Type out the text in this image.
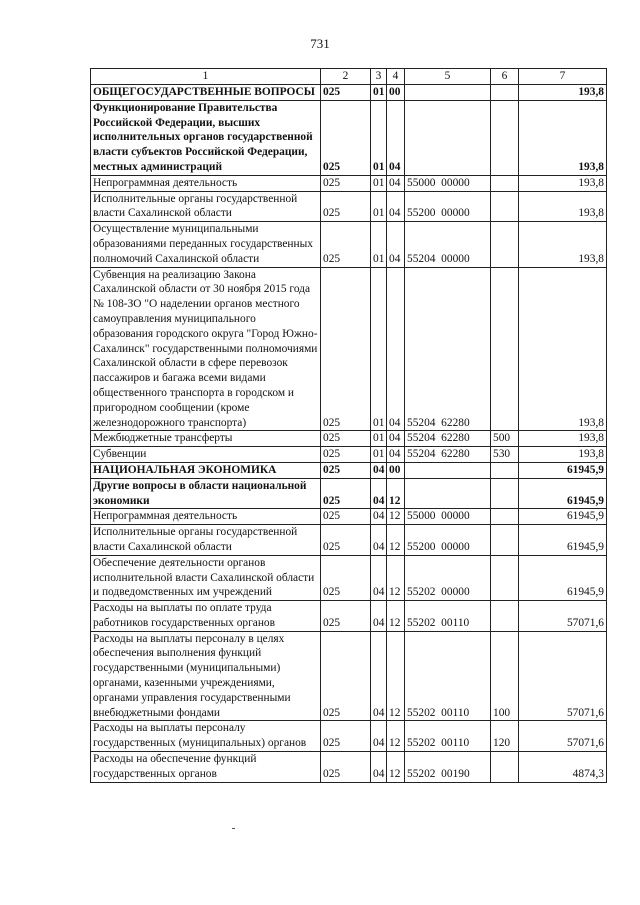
731
1	2	3	4	5	6	7
ОБЩЕГОСУДАРСТВЕННЫЕ ВОПРОСЫ	025	01	00			193,8
Функционирование Правительства Российской Федерации, высших исполнительных органов государственной власти субъектов Российской Федерации, местных администраций	025	01	04			193,8
Непрограммная деятельность	025	01	04	55000  00000		193,8
Исполнительные органы государственной власти Сахалинской области	025	01	04	55200  00000		193,8
Осуществление муниципальными образованиями переданных государственных полномочий Сахалинской области	025	01	04	55204  00000		193,8
Субвенция на реализацию Закона Сахалинской области от 30 ноября 2015 года № 108-ЗО "О наделении органов местного самоуправления муниципального образования городского округа "Город Южно-Сахалинск" государственными полномочиями Сахалинской области в сфере перевозок пассажиров и багажа всеми видами общественного транспорта в городском и пригородном сообщении (кроме железнодорожного транспорта)	025	01	04	55204  62280		193,8
Межбюджетные трансферты	025	01	04	55204  62280	500	193,8
Субвенции	025	01	04	55204  62280	530	193,8
НАЦИОНАЛЬНАЯ ЭКОНОМИКА	025	04	00			61945,9
Другие вопросы в области национальной экономики	025	04	12			61945,9
Непрограммная деятельность	025	04	12	55000  00000		61945,9
Исполнительные органы государственной власти Сахалинской области	025	04	12	55200  00000		61945,9
Обеспечение деятельности органов исполнительной власти Сахалинской области и подведомственных им учреждений	025	04	12	55202  00000		61945,9
Расходы на выплаты по оплате труда работников государственных органов	025	04	12	55202  00110		57071,6
Расходы на выплаты персоналу в целях обеспечения выполнения функций государственными (муниципальными) органами, казенными учреждениями, органами управления государственными внебюджетными фондами	025	04	12	55202  00110	100	57071,6
Расходы на выплаты персоналу государственных (муниципальных) органов	025	04	12	55202  00110	120	57071,6
Расходы на обеспечение функций государственных органов	025	04	12	55202  00190		4874,3
